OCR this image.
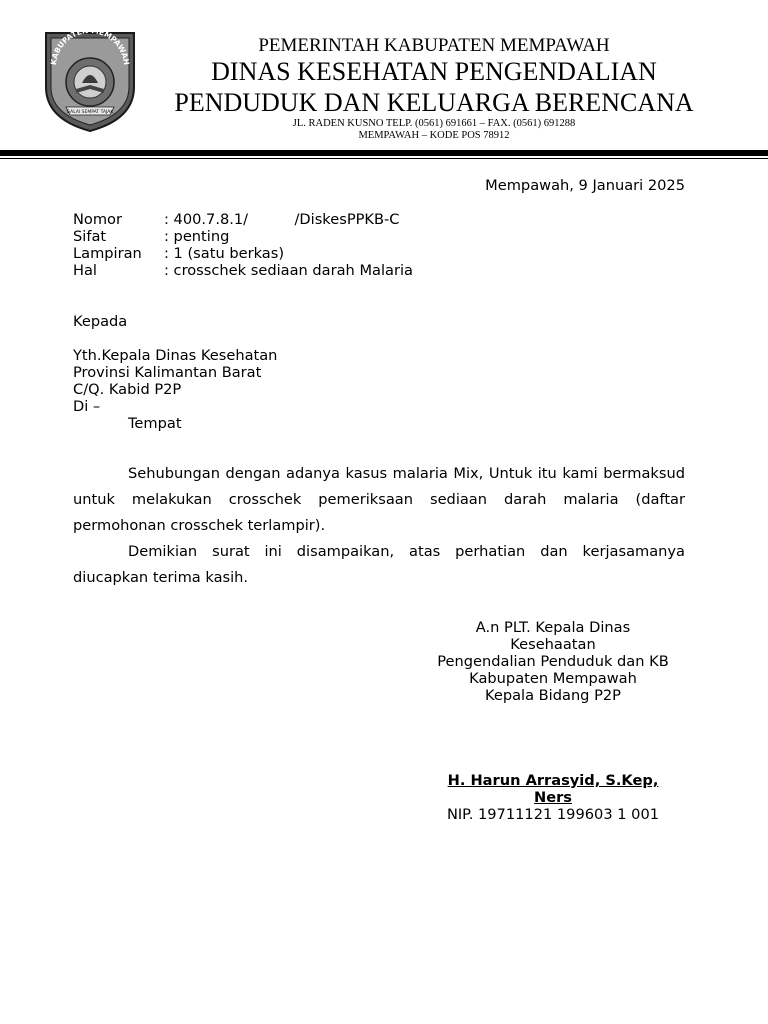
KABUPATEN MEMPAWAH
GALAI SEMPAT TAJAK
PEMERINTAH KABUPATEN MEMPAWAH
DINAS KESEHATAN PENGENDALIAN
PENDUDUK DAN KELUARGA BERENCANA
JL. RADEN KUSNO TELP. (0561) 691661 – FAX. (0561) 691288
MEMPAWAH – KODE POS 78912
Mempawah, 9 Januari 2025
Nomor	: 400.7.8.1/          /DiskesPPKB-C
Sifat	: penting
Lampiran : 1 (satu berkas)
Hal	: crosschek sediaan darah Malaria
Kepada
Yth.Kepala Dinas Kesehatan
Provinsi Kalimantan Barat
C/Q. Kabid P2P
Di –
Tempat
Sehubungan dengan adanya kasus malaria Mix, Untuk itu kami bermaksud untuk melakukan crosschek pemeriksaan sediaan darah malaria (daftar permohonan crosschek terlampir).
Demikian surat ini disampaikan, atas perhatian dan kerjasamanya diucapkan terima kasih.
A.n PLT. Kepala Dinas
Kesehaatan
Pengendalian Penduduk dan KB
Kabupaten Mempawah
Kepala Bidang P2P
H. Harun Arrasyid, S.Kep,
Ners
NIP. 19711121 199603 1 001
